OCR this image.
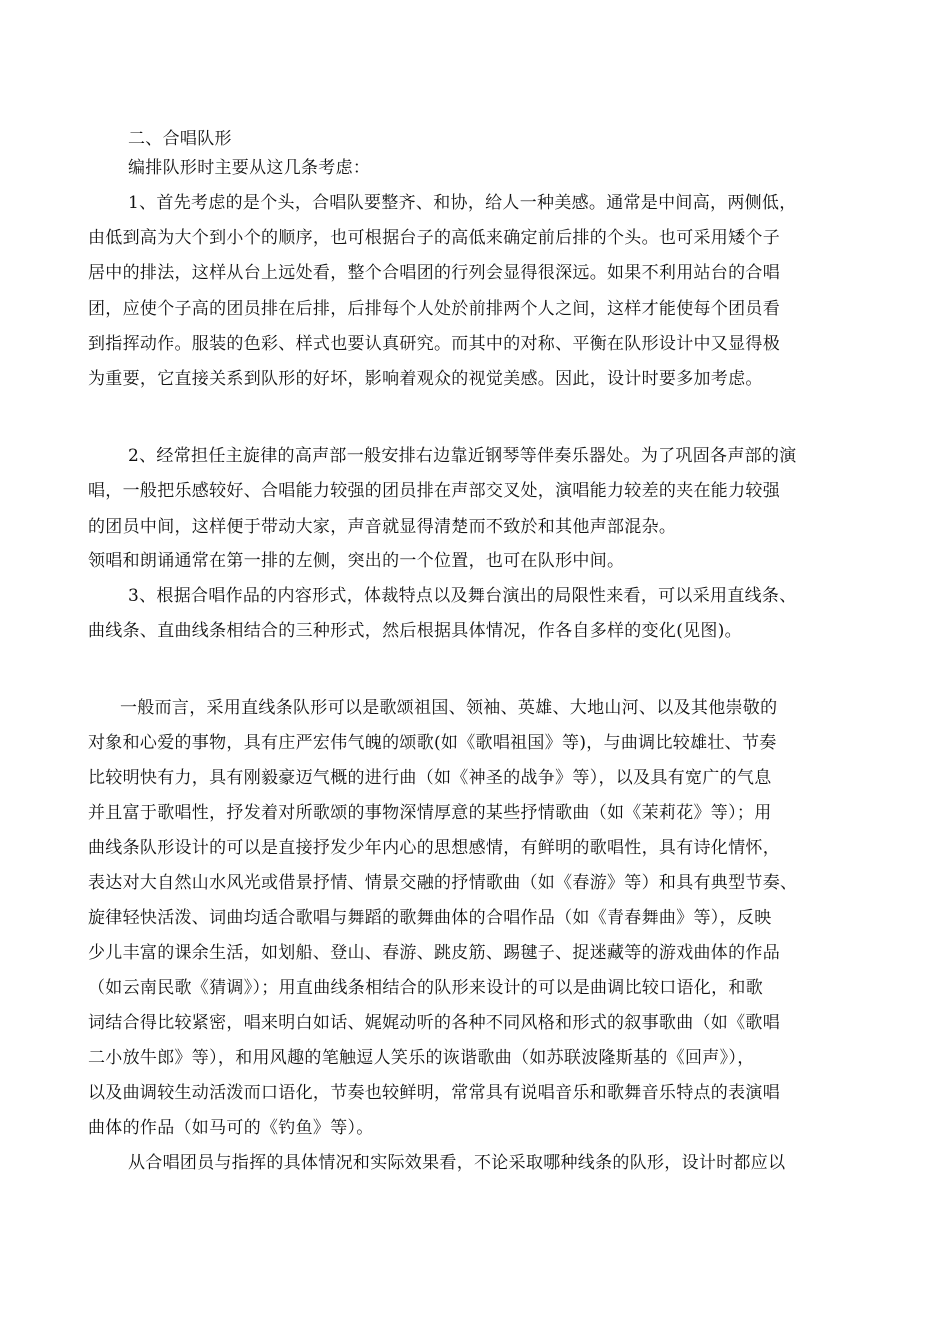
二、合唱队形
编排队形时主要从这几条考虑：
1、首先考虑的是个头，合唱队要整齐、和协，给人一种美感。通常是中间高，两侧低，
由低到高为大个到小个的顺序，也可根据台子的高低来确定前后排的个头。也可采用矮个子
居中的排法，这样从台上远处看，整个合唱团的行列会显得很深远。如果不利用站台的合唱
团，应使个子高的团员排在后排，后排每个人处於前排两个人之间，这样才能使每个团员看
到指挥动作。服装的色彩、样式也要认真研究。而其中的对称、平衡在队形设计中又显得极
为重要，它直接关系到队形的好坏，影响着观众的视觉美感。因此，设计时要多加考虑。
2、经常担任主旋律的高声部一般安排右边靠近钢琴等伴奏乐器处。为了巩固各声部的演
唱，一般把乐感较好、合唱能力较强的团员排在声部交叉处，演唱能力较差的夹在能力较强
的团员中间，这样便于带动大家，声音就显得清楚而不致於和其他声部混杂。
领唱和朗诵通常在第一排的左侧，突出的一个位置，也可在队形中间。
3、根据合唱作品的内容形式，体裁特点以及舞台演出的局限性来看，可以采用直线条、
曲线条、直曲线条相结合的三种形式，然后根据具体情况，作各自多样的变化(见图)。
一般而言，采用直线条队形可以是歌颂祖国、领袖、英雄、大地山河、以及其他崇敬的
对象和心爱的事物，具有庄严宏伟气魄的颂歌(如《歌唱祖国》等)，与曲调比较雄壮、节奏
比较明快有力，具有刚毅豪迈气概的进行曲（如《神圣的战争》等），以及具有宽广的气息
并且富于歌唱性，抒发着对所歌颂的事物深情厚意的某些抒情歌曲（如《茉莉花》等）；用
曲线条队形设计的可以是直接抒发少年内心的思想感情，有鲜明的歌唱性，具有诗化情怀，
表达对大自然山水风光或借景抒情、情景交融的抒情歌曲（如《春游》等）和具有典型节奏、
旋律轻快活泼、词曲均适合歌唱与舞蹈的歌舞曲体的合唱作品（如《青春舞曲》等），反映
少儿丰富的课余生活，如划船、登山、春游、跳皮筋、踢毽子、捉迷藏等的游戏曲体的作品
（如云南民歌《猜调》）；用直曲线条相结合的队形来设计的可以是曲调比较口语化，和歌
词结合得比较紧密，唱来明白如话、娓娓动听的各种不同风格和形式的叙事歌曲（如《歌唱
二小放牛郎》等），和用风趣的笔触逗人笑乐的诙谐歌曲（如苏联波隆斯基的《回声》），
以及曲调较生动活泼而口语化，节奏也较鲜明，常常具有说唱音乐和歌舞音乐特点的表演唱
曲体的作品（如马可的《钓鱼》等）。
从合唱团员与指挥的具体情况和实际效果看，不论采取哪种线条的队形，设计时都应以
